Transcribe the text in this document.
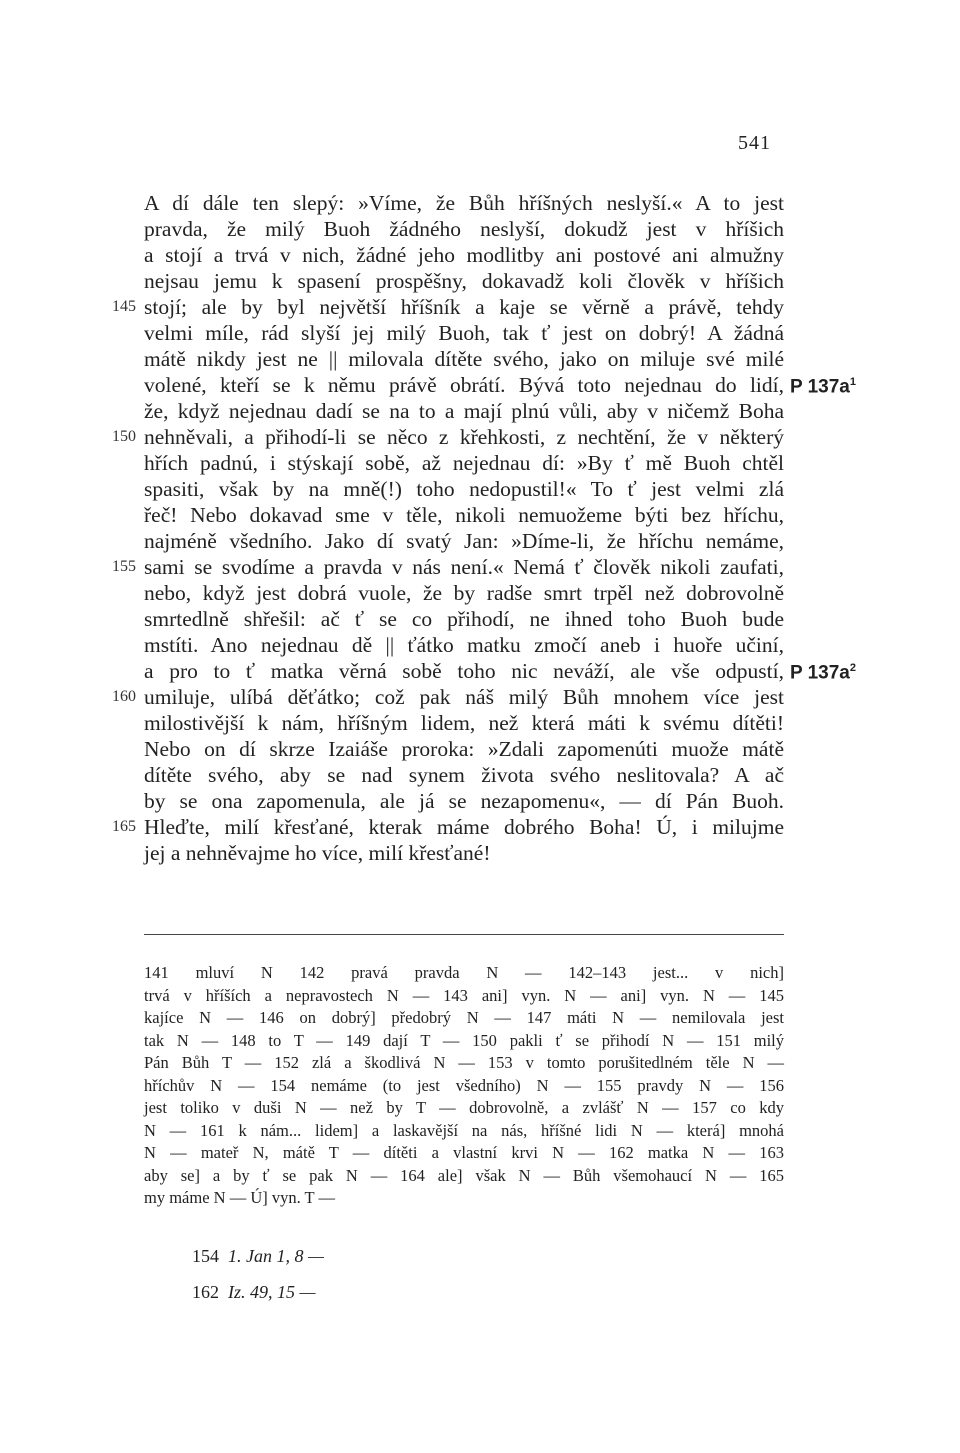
541
A dí dále ten slepý: »Víme, že Bůh hříšných neslyší.« A to jest
pravda, že milý Buoh žádného neslyší, dokudž jest v hříšich
a stojí a trvá v nich, žádné jeho modlitby ani postové ani almužny
nejsau jemu k spasení prospěšny, dokavadž koli člověk v hříšich
145 stojí; ale by byl největší hříšník a kaje se věrně a právě, tehdy
velmi míle, rád slyší jej milý Buoh, tak ť jest on dobrý! A žádná
mátě nikdy jest ne || milovala dítěte svého, jako on miluje své milé
volené, kteří se k němu právě obrátí. Bývá toto nejednau do lidí,
že, když nejednau dadí se na to a mají plnú vůli, aby v ničemž Boha
150 nehněvali, a přihodí-li se něco z křehkosti, z nechtění, že v některý
hřích padnú, i stýskají sobě, až nejednau dí: »By ť mě Buoh chtěl
spasiti, však by na mně(!) toho nedopustil!« To ť jest velmi zlá
řeč! Nebo dokavad sme v těle, nikoli nemuožeme býti bez hříchu,
najméně všedního. Jako dí svatý Jan: »Díme-li, že hříchu nemáme,
155 sami se svodíme a pravda v nás není.« Nemá ť člověk nikoli zaufati,
nebo, když jest dobrá vuole, že by radše smrt trpěl než dobrovolně
smrtedlně shřešil: ač ť se co přihodí, ne ihned toho Buoh bude
mstíti. Ano nejednau dě || ťátko matku zmočí aneb i huoře učiní,
a pro to ť matka věrná sobě toho nic neváží, ale vše odpustí,
160 umiluje, ulíbá děťátko; což pak náš milý Bůh mnohem více jest
milostivější k nám, hříšným lidem, než která máti k svému dítěti!
Nebo on dí skrze Izaiáše proroka: »Zdali zapomenúti muože mátě
dítěte svého, aby se nad synem života svého neslitovala? A ač
by se ona zapomenula, ale já se nezapomenu«, — dí Pán Buoh.
165 Hleďte, milí křesťané, kterak máme dobrého Boha! Ú, i milujme
jej a nehněvajme ho více, milí křesťané!
P $137a^1$
P $137a^2$
141 mluví N 142 pravá pravda N — 142–143 jest... v nich]
trvá v hříších a nepravostech N — 143 ani] vyn. N — ani] vyn. N — 145
kajíce N — 146 on dobrý] předobrý N — 147 máti N — nemilovala jest
tak N — 148 to T — 149 dají T — 150 pakli ť se přihodí N — 151 milý
Pán Bůh T — 152 zlá a škodlivá N — 153 v tomto porušitedlném těle N —
hříchův N — 154 nemáme (to jest všedního) N — 155 pravdy N — 156
jest toliko v duši N — než by T — dobrovolně, a zvlášť N — 157 co kdy
N — 161 k nám... lidem] a laskavější na nás, hříšné lidi N — která] mnohá
N — mateř N, mátě T — dítěti a vlastní krvi N — 162 matka N — 163
aby se] a by ť se pak N — 164 ale] však N — Bůh všemohaucí N — 165
my máme N — Ú] vyn. T —
154 1. Jan 1, 8 —
162 Iz. 49, 15 —
